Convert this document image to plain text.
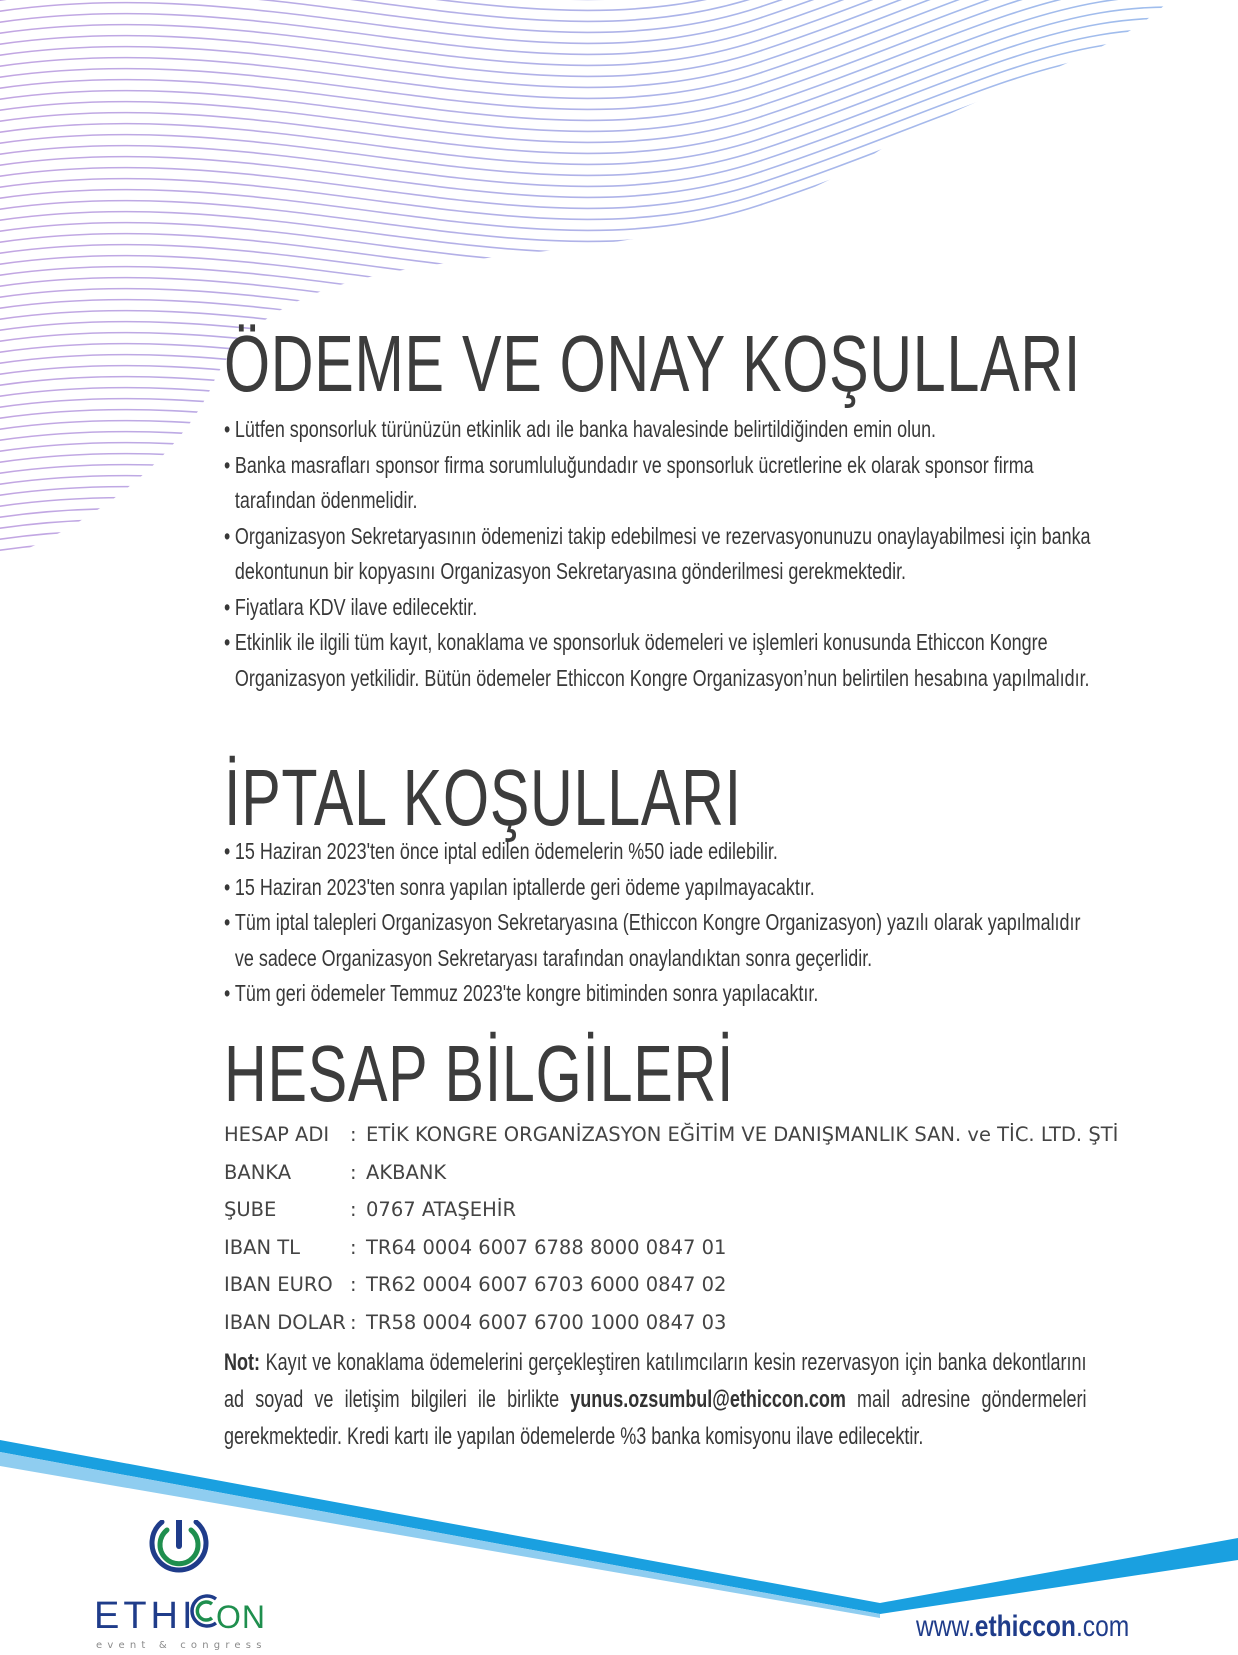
ÖDEME VE ONAY KOŞULLARI
• Lütfen sponsorluk türünüzün etkinlik adı ile banka havalesinde belirtildiğinden emin olun.
• Banka masrafları sponsor firma sorumluluğundadır ve sponsorluk ücretlerine ek olarak sponsor firma tarafından ödenmelidir.
• Organizasyon Sekretaryasının ödemenizi takip edebilmesi ve rezervasyonunuzu onaylayabilmesi için banka dekontunun bir kopyasını Organizasyon Sekretaryasına gönderilmesi gerekmektedir.
• Fiyatlara KDV ilave edilecektir.
• Etkinlik ile ilgili tüm kayıt, konaklama ve sponsorluk ödemeleri ve işlemleri konusunda Ethiccon Kongre Organizasyon yetkilidir. Bütün ödemeler Ethiccon Kongre Organizasyon’nun belirtilen hesabına yapılmalıdır.
İPTAL KOŞULLARI
• 15 Haziran 2023'ten önce iptal edilen ödemelerin %50 iade edilebilir.
• 15 Haziran 2023'ten sonra yapılan iptallerde geri ödeme yapılmayacaktır.
• Tüm iptal talepleri Organizasyon Sekretaryasına (Ethiccon Kongre Organizasyon) yazılı olarak yapılmalıdır ve sadece Organizasyon Sekretaryası tarafından onaylandıktan sonra geçerlidir.
• Tüm geri ödemeler Temmuz 2023'te kongre bitiminden sonra yapılacaktır.
HESAP BİLGİLERİ
HESAP ADI	:	ETİK KONGRE ORGANİZASYON EĞİTİM VE DANIŞMANLIK SAN. ve TİC. LTD. ŞTİ
BANKA	:	AKBANK
ŞUBE	:	0767 ATAŞEHİR
IBAN TL	:	TR64 0004 6007 6788 8000 0847 01
IBAN EURO	:	TR62 0004 6007 6703 6000 0847 02
IBAN DOLAR	:	TR58 0004 6007 6700 1000 0847 03

Not: Kayıt ve konaklama ödemelerini gerçekleştiren katılımcıların kesin rezervasyon için banka dekontlarını ad soyad ve iletişim bilgileri ile birlikte yunus.ozsumbul@ethiccon.com mail adresine göndermeleri gerekmektedir. Kredi kartı ile yapılan ödemelerde %3 banka komisyonu ilave edilecektir.

ETHI ON
event & congress

www.ethiccon.com
